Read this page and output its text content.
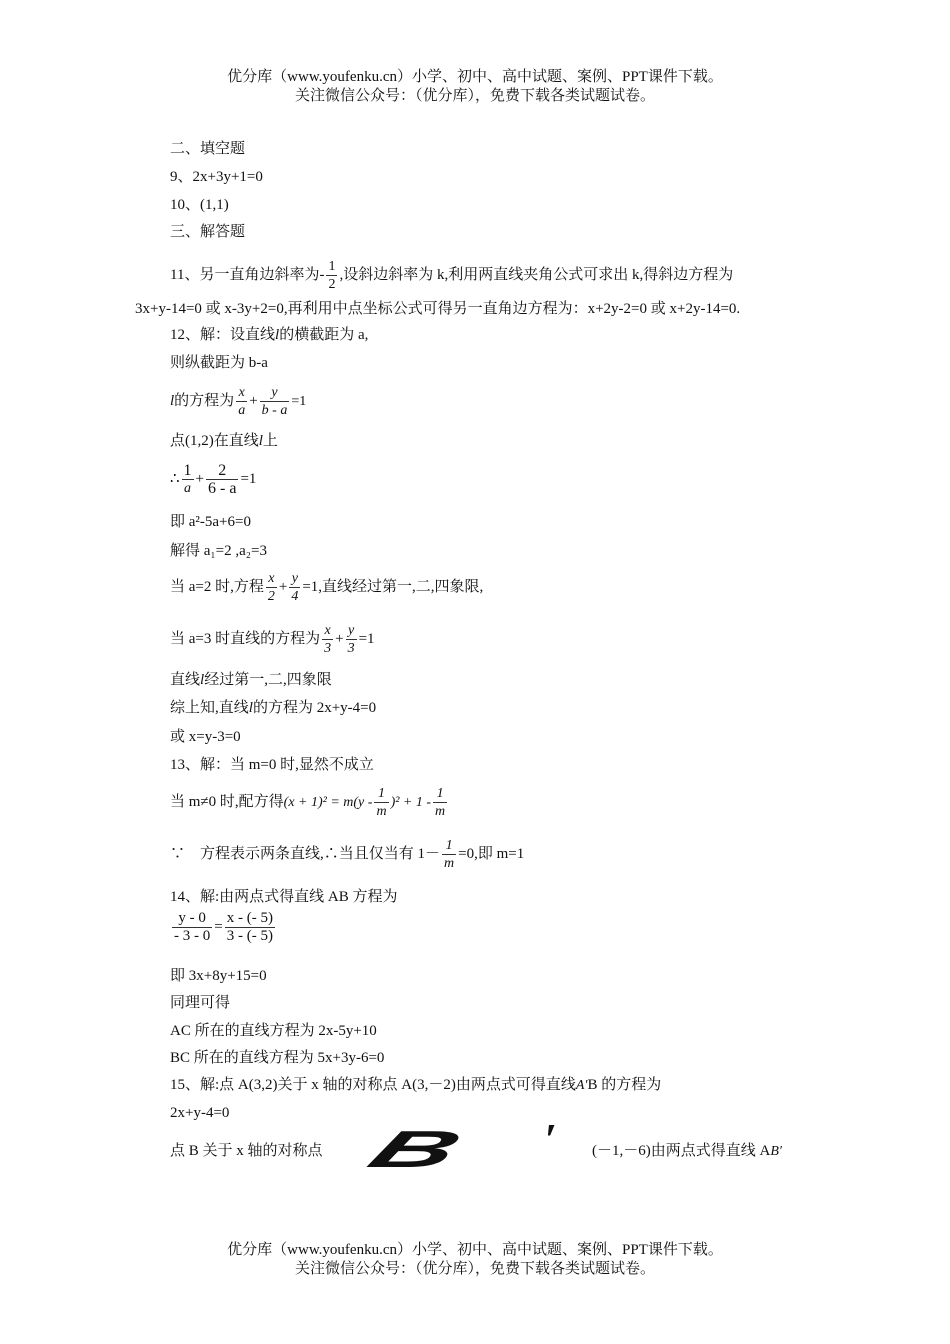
优分库（www.youfenku.cn）小学、初中、高中试题、案例、PPT课件下载。
关注微信公众号：（优分库），免费下载各类试题试卷。
二、填空题
9、2x+3y+1=0
10、(1,1)
三、解答题
11、另一直角边斜率为- $\frac{1}{2}$ ,设斜边斜率为 k,利用两直线夹角公式可求出 k,得斜边方程为
3x+y-14=0 或 x-3y+2=0,再利用中点坐标公式可得另一直角边方程为：x+2y-2=0 或 x+2y-14=0.
12、解：设直线l的横截距为 a,
则纵截距为 b-a
l的方程为 $\frac{x}{a} + \frac{y}{b - a} =1$
点(1,2)在直线l上
∴ $\frac{1}{a} + \frac{2}{6 - a} =1$
即 a²-5a+6=0
解得 a₁=2 ,a₂=3
当 a=2 时,方程 $\frac{x}{2} + \frac{y}{4} =1$,直线经过第一,二,四象限,
当 a=3 时直线的方程为 $\frac{x}{3} + \frac{y}{3} =1$
直线l经过第一,二,四象限
综上知,直线l的方程为 2x+y-4=0
或 x=y-3=0
13、解：当 m=0 时,显然不成立
当 m≠0 时,配方得$(x + 1)^2 = m(y - \frac{1}{m} )^2 + 1 - \frac{1}{m}$
∵　方程表示两条直线,∴当且仅当有 $1- \frac{1}{m} =0$,即 m=1
14、解:由两点式得直线 AB 方程为
$\frac{y - 0}{- 3 - 0} = \frac{x - (- 5)}{3 - (- 5)}$
即 3x+8y+15=0
同理可得
AC 所在的直线方程为 2x-5y+10
BC 所在的直线方程为 5x+3y-6=0
15、解:点 A(3,2)关于 x 轴的对称点 A(3,－2)由两点式可得直线A′B 的方程为
2x+y-4=0
点 B 关于 x 轴的对称点 B ′ (－1,－6)由两点式得直线 AB′
优分库（www.youfenku.cn）小学、初中、高中试题、案例、PPT课件下载。
关注微信公众号：（优分库），免费下载各类试题试卷。
